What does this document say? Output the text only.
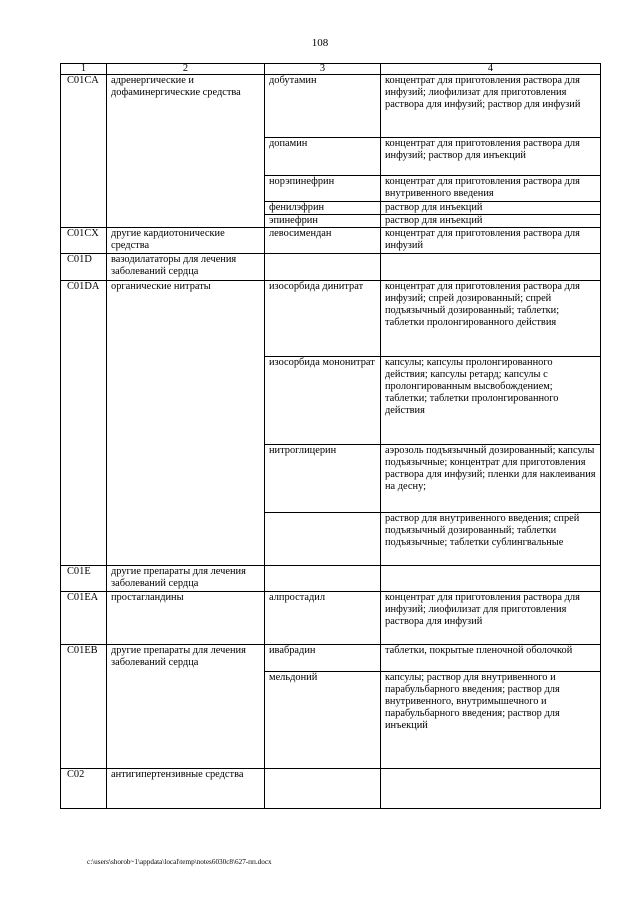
108
1	2	3	4
C01CA	адренергические и дофаминергические средства	добутамин	концентрат для приготовления раствора для инфузий; лиофилизат для приготовления раствора для инфузий; раствор для инфузий
		допамин	концентрат для приготовления раствора для инфузий; раствор для инъекций
		норэпинефрин	концентрат для приготовления раствора для внутривенного введения
		фенилэфрин	раствор для инъекций
		эпинефрин	раствор для инъекций
C01CX	другие кардиотонические средства	левосимендан	концентрат для приготовления раствора для инфузий
C01D	вазодилататоры для лечения заболеваний сердца		
C01DA	органические нитраты	изосорбида динитрат	концентрат для приготовления раствора для инфузий; спрей дозированный; спрей подъязычный дозированный; таблетки; таблетки пролонгированного действия
		изосорбида мононитрат	капсулы; капсулы пролонгированного действия; капсулы ретард; капсулы с пролонгированным высвобождением; таблетки; таблетки пролонгированного действия
		нитроглицерин	аэрозоль подъязычный дозированный; капсулы подъязычные; концентрат для приготовления раствора для инфузий; пленки для наклеивания на десну;
			раствор для внутривенного введения; спрей подъязычный дозированный; таблетки подъязычные; таблетки сублингвальные
C01E	другие препараты для лечения заболеваний сердца		
C01EA	простагландины	алпростадил	концентрат для приготовления раствора для инфузий; лиофилизат для приготовления раствора для инфузий
C01EB	другие препараты для лечения заболеваний сердца	ивабрадин	таблетки, покрытые пленочной оболочкой
		мельдоний	капсулы; раствор для внутривенного и парабульбарного введения; раствор для внутривенного, внутримышечного и парабульбарного введения; раствор для инъекций
C02	антигипертензивные средства		
c:\users\shorob~1\appdata\local\temp\notes6030c8\627-пп.docx
